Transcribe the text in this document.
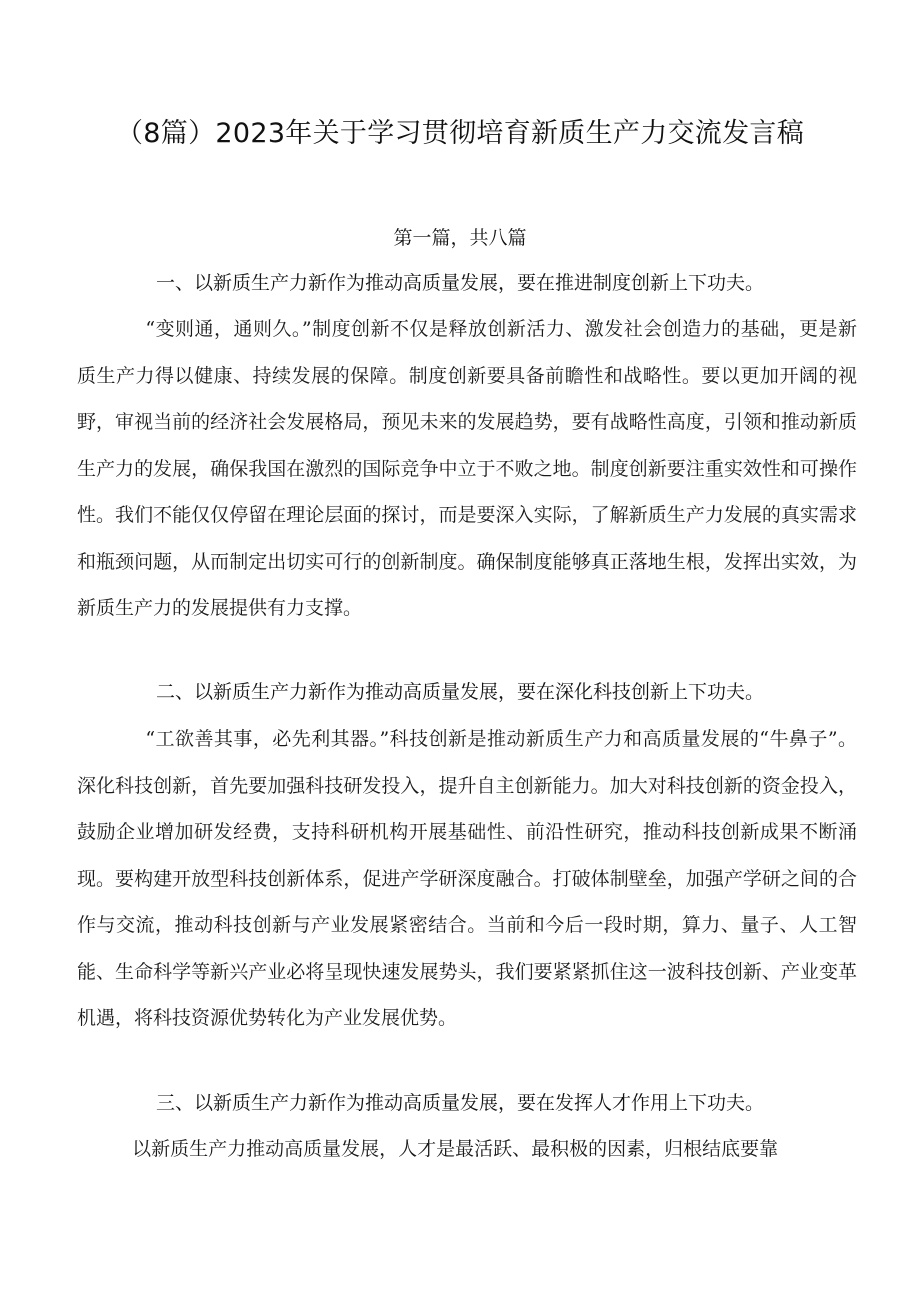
（8篇）2023年关于学习贯彻培育新质生产力交流发言稿
第一篇，共八篇
一、以新质生产力新作为推动高质量发展，要在推进制度创新上下功夫。

“变则通，通则久。”制度创新不仅是释放创新活力、激发社会创造力的基础，更是新质生产力得以健康、持续发展的保障。制度创新要具备前瞻性和战略性。要以更加开阔的视野，审视当前的经济社会发展格局，预见未来的发展趋势，要有战略性高度，引领和推动新质生产力的发展，确保我国在激烈的国际竞争中立于不败之地。制度创新要注重实效性和可操作性。我们不能仅仅停留在理论层面的探讨，而是要深入实际，了解新质生产力发展的真实需求和瓶颈问题，从而制定出切实可行的创新制度。确保制度能够真正落地生根，发挥出实效，为新质生产力的发展提供有力支撑。

二、以新质生产力新作为推动高质量发展，要在深化科技创新上下功夫。

“工欲善其事，必先利其器。”科技创新是推动新质生产力和高质量发展的“牛鼻子”。深化科技创新，首先要加强科技研发投入，提升自主创新能力。加大对科技创新的资金投入，鼓励企业增加研发经费，支持科研机构开展基础性、前沿性研究，推动科技创新成果不断涌现。要构建开放型科技创新体系，促进产学研深度融合。打破体制壁垒，加强产学研之间的合作与交流，推动科技创新与产业发展紧密结合。当前和今后一段时期，算力、量子、人工智能、生命科学等新兴产业必将呈现快速发展势头，我们要紧紧抓住这一波科技创新、产业变革机遇，将科技资源优势转化为产业发展优势。

三、以新质生产力新作为推动高质量发展，要在发挥人才作用上下功夫。

以新质生产力推动高质量发展，人才是最活跃、最积极的因素，归根结底要靠
